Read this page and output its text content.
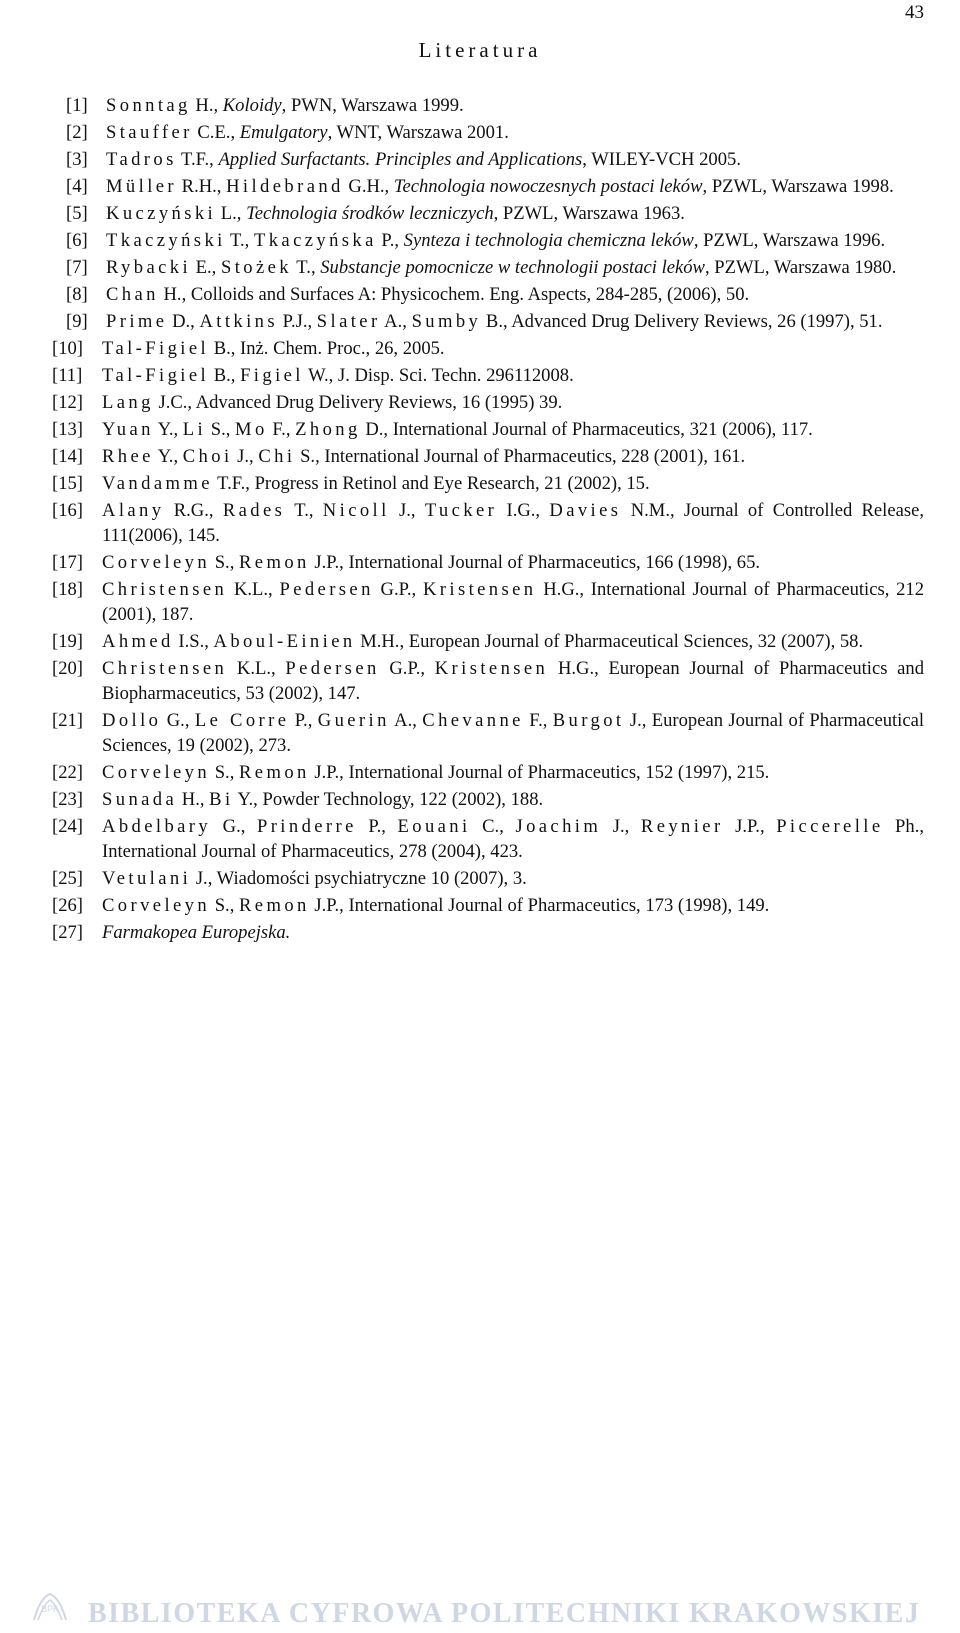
43
Literatura
[1] Sonntag H., Koloidy, PWN, Warszawa 1999.
[2] Stauffer C.E., Emulgatory, WNT, Warszawa 2001.
[3] Tadros T.F., Applied Surfactants. Principles and Applications, WILEY-VCH 2005.
[4] Müller R.H., Hildebrand G.H., Technologia nowoczesnych postaci leków, PZWL, Warszawa 1998.
[5] Kuczyński L., Technologia środków leczniczych, PZWL, Warszawa 1963.
[6] Tkaczyński T., Tkaczyńska P., Synteza i technologia chemiczna leków, PZWL, Warszawa 1996.
[7] Rybacki E., Stożek T., Substancje pomocnicze w technologii postaci leków, PZWL, Warszawa 1980.
[8] Chan H., Colloids and Surfaces A: Physicochem. Eng. Aspects, 284-285, (2006), 50.
[9] Prime D., Attkins P.J., Slater A., Sumby B., Advanced Drug Delivery Reviews, 26 (1997), 51.
[10] Tal-Figiel B., Inż. Chem. Proc., 26, 2005.
[11] Tal-Figiel B., Figiel W., J. Disp. Sci. Techn. 296112008.
[12] Lang J.C., Advanced Drug Delivery Reviews, 16 (1995) 39.
[13] Yuan Y., Li S., Mo F., Zhong D., International Journal of Pharmaceutics, 321 (2006), 117.
[14] Rhee Y., Choi J., Chi S., International Journal of Pharmaceutics, 228 (2001), 161.
[15] Vandamme T.F., Progress in Retinol and Eye Research, 21 (2002), 15.
[16] Alany R.G., Rades T., Nicoll J., Tucker I.G., Davies N.M., Journal of Controlled Release, 111(2006), 145.
[17] Corveleyn S., Remon J.P., International Journal of Pharmaceutics, 166 (1998), 65.
[18] Christensen K.L., Pedersen G.P., Kristensen H.G., International Journal of Pharmaceutics, 212 (2001), 187.
[19] Ahmed I.S., Aboul-Einien M.H., European Journal of Pharmaceutical Sciences, 32 (2007), 58.
[20] Christensen K.L., Pedersen G.P., Kristensen H.G., European Journal of Pharmaceutics and Biopharmaceutics, 53 (2002), 147.
[21] Dollo G., Le Corre P., Guerin A., Chevanne F., Burgot J., European Journal of Pharmaceutical Sciences, 19 (2002), 273.
[22] Corveleyn S., Remon J.P., International Journal of Pharmaceutics, 152 (1997), 215.
[23] Sunada H., Bi Y., Powder Technology, 122 (2002), 188.
[24] Abdelbary G., Prinderre P., Eouani C., Joachim J., Reynier J.P., Piccerelle Ph., International Journal of Pharmaceutics, 278 (2004), 423.
[25] Vetulani J., Wiadomości psychiatryczne 10 (2007), 3.
[26] Corveleyn S., Remon J.P., International Journal of Pharmaceutics, 173 (1998), 149.
[27] Farmakopea Europejska.
BPK BIBLIOTEKA CYFROWA POLITECHNIKI KRAKOWSKIEJ
